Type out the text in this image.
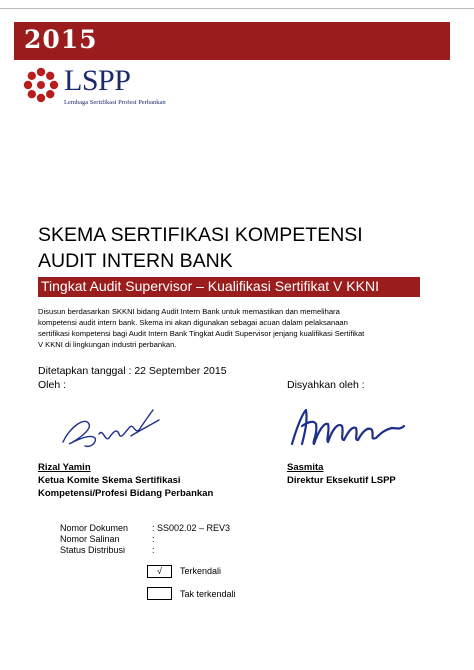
2015
LSPP
Lembaga Sertifikasi Profesi Perbankan
SKEMA SERTIFIKASI KOMPETENSI
AUDIT INTERN BANK
Tingkat Audit Supervisor – Kualifikasi Sertifikat V KKNI
Disusun berdasarkan SKKNI bidang Audit Intern Bank untuk memastikan dan memelihara
kompetensi audit intern bank. Skema ini akan digunakan sebagai acuan dalam pelaksanaan
sertifikasi kompetensi bagi Audit Intern Bank Tingkat Audit Supervisor jenjang kualifikasi Sertifikat
V KKNI di lingkungan industri perbankan.
Ditetapkan tanggal : 22 September 2015
Oleh :	Disyahkan oleh :
Rizal Yamin
Ketua Komite Skema Sertifikasi
Kompetensi/Profesi Bidang Perbankan
Sasmita
Direktur Eksekutif LSPP
Nomor Dokumen	: SS002.02 – REV3
Nomor Salinan	:
Status Distribusi	:
√	Terkendali
Tak terkendali
